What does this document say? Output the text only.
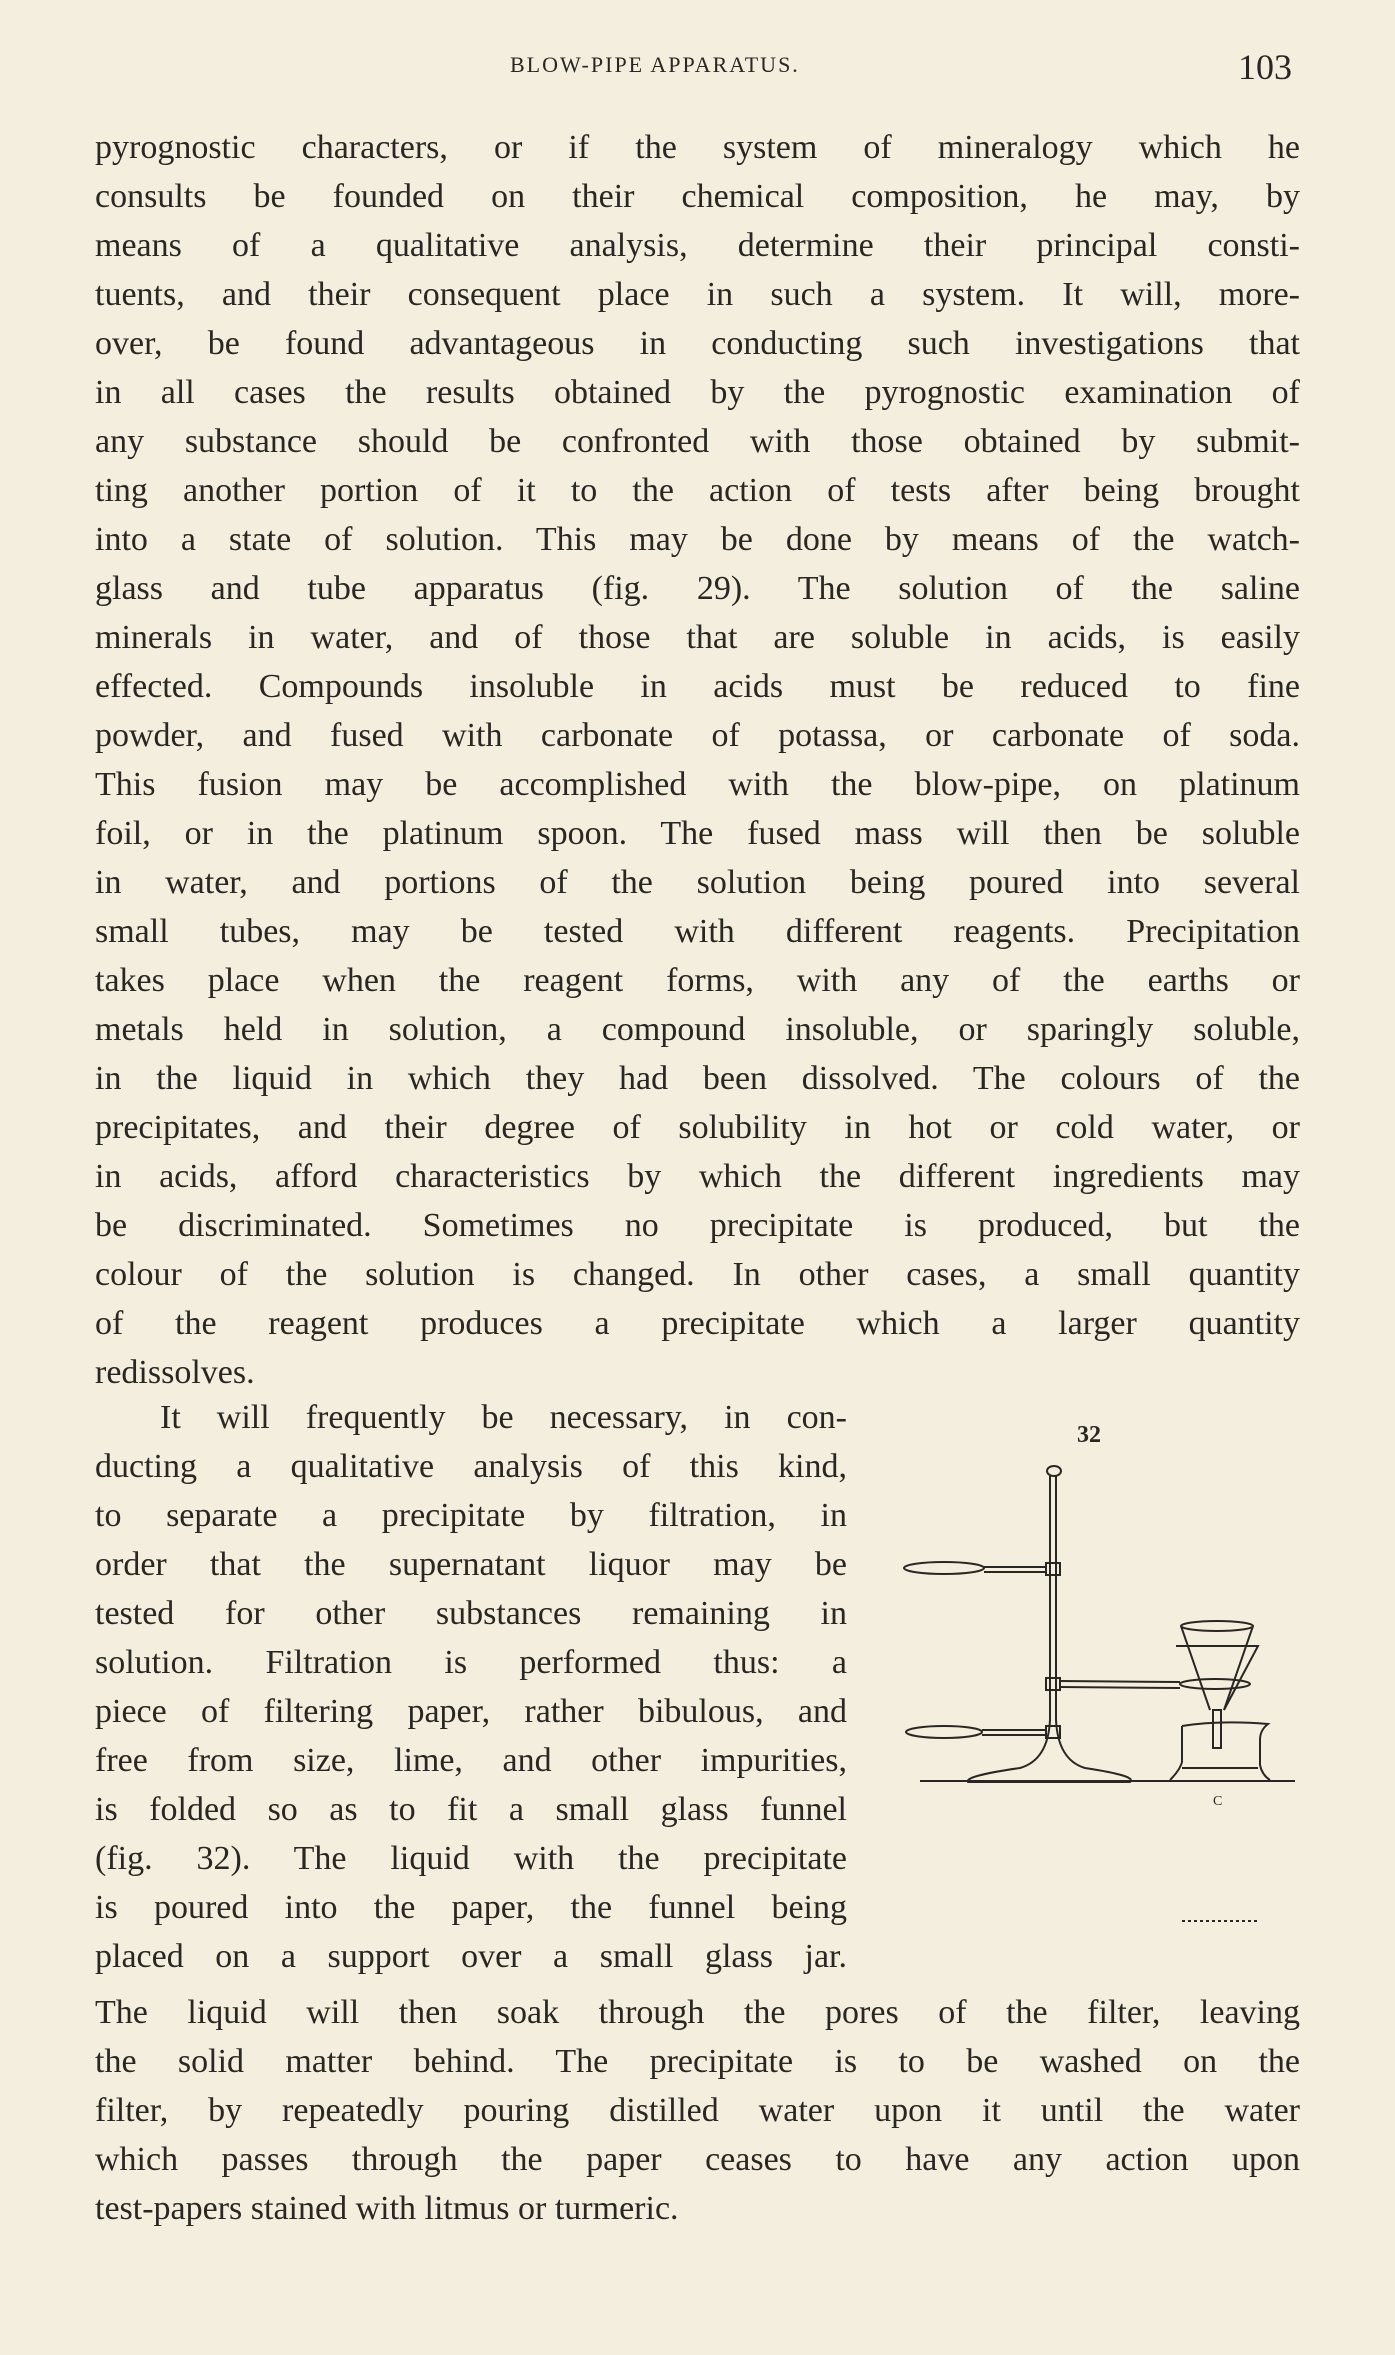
BLOW-PIPE APPARATUS.	103
pyrognostic characters, or if the system of mineralogy which he
consults be founded on their chemical composition, he may, by
means of a qualitative analysis, determine their principal consti-
tuents, and their consequent place in such a system. It will, more-
over, be found advantageous in conducting such investigations that
in all cases the results obtained by the pyrognostic examination of
any substance should be confronted with those obtained by submit-
ting another portion of it to the action of tests after being brought
into a state of solution. This may be done by means of the watch-
glass and tube apparatus (fig. 29). The solution of the saline
minerals in water, and of those that are soluble in acids, is easily
effected. Compounds insoluble in acids must be reduced to fine
powder, and fused with carbonate of potassa, or carbonate of soda.
This fusion may be accomplished with the blow-pipe, on platinum
foil, or in the platinum spoon. The fused mass will then be soluble
in water, and portions of the solution being poured into several
small tubes, may be tested with different reagents. Precipitation
takes place when the reagent forms, with any of the earths or
metals held in solution, a compound insoluble, or sparingly soluble,
in the liquid in which they had been dissolved. The colours of the
precipitates, and their degree of solubility in hot or cold water, or
in acids, afford characteristics by which the different ingredients may
be discriminated. Sometimes no precipitate is produced, but the
colour of the solution is changed. In other cases, a small quantity
of the reagent produces a precipitate which a larger quantity
redissolves.
It will frequently be necessary, in con-
ducting a qualitative analysis of this kind,
to separate a precipitate by filtration, in
order that the supernatant liquor may be
tested for other substances remaining in
solution. Filtration is performed thus: a
piece of filtering paper, rather bibulous, and
free from size, lime, and other impurities,
is folded so as to fit a small glass funnel
(fig. 32). The liquid with the precipitate
is poured into the paper, the funnel being
placed on a support over a small glass jar.
The liquid will then soak through the pores of the filter, leaving
the solid matter behind. The precipitate is to be washed on the
filter, by repeatedly pouring distilled water upon it until the water
which passes through the paper ceases to have any action upon
test-papers stained with litmus or turmeric.
32
C
